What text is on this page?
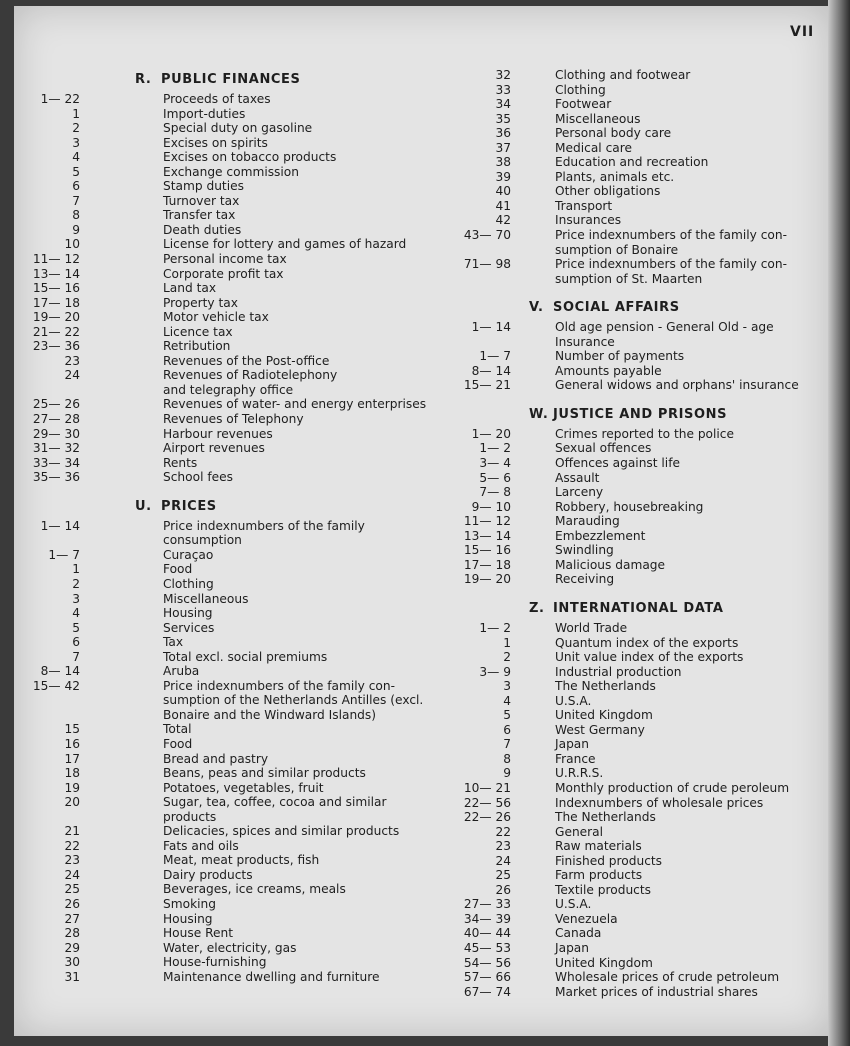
VII
R. PUBLIC FINANCES
1— 22	Proceeds of taxes
1	Import-duties
2	Special duty on gasoline
3	Excises on spirits
4	Excises on tobacco products
5	Exchange commission
6	Stamp duties
7	Turnover tax
8	Transfer tax
9	Death duties
10	License for lottery and games of hazard
11— 12	Personal income tax
13— 14	Corporate profit tax
15— 16	Land tax
17— 18	Property tax
19— 20	Motor vehicle tax
21— 22	Licence tax
23— 36	Retribution
23	Revenues of the Post-office
24	Revenues of Radiotelephony
and telegraphy office
25— 26	Revenues of water- and energy enterprises
27— 28	Revenues of Telephony
29— 30	Harbour revenues
31— 32	Airport revenues
33— 34	Rents
35— 36	School fees
U. PRICES
1— 14	Price indexnumbers of the family
consumption
1— 7	Curaçao
1	Food
2	Clothing
3	Miscellaneous
4	Housing
5	Services
6	Tax
7	Total excl. social premiums
8— 14	Aruba
15— 42	Price indexnumbers of the family con-
sumption of the Netherlands Antilles (excl.
Bonaire and the Windward Islands)
15	Total
16	Food
17	Bread and pastry
18	Beans, peas and similar products
19	Potatoes, vegetables, fruit
20	Sugar, tea, coffee, cocoa and similar
products
21	Delicacies, spices and similar products
22	Fats and oils
23	Meat, meat products, fish
24	Dairy products
25	Beverages, ice creams, meals
26	Smoking
27	Housing
28	House Rent
29	Water, electricity, gas
30	House-furnishing
31	Maintenance dwelling and furniture
32	Clothing and footwear
33	Clothing
34	Footwear
35	Miscellaneous
36	Personal body care
37	Medical care
38	Education and recreation
39	Plants, animals etc.
40	Other obligations
41	Transport
42	Insurances
43— 70	Price indexnumbers of the family con-
sumption of Bonaire
71— 98	Price indexnumbers of the family con-
sumption of St. Maarten
V. SOCIAL AFFAIRS
1— 14	Old age pension - General Old - age
Insurance
1— 7	Number of payments
8— 14	Amounts payable
15— 21	General widows and orphans' insurance
W. JUSTICE AND PRISONS
1— 20	Crimes reported to the police
1— 2	Sexual offences
3— 4	Offences against life
5— 6	Assault
7— 8	Larceny
9— 10	Robbery, housebreaking
11— 12	Marauding
13— 14	Embezzlement
15— 16	Swindling
17— 18	Malicious damage
19— 20	Receiving
Z. INTERNATIONAL DATA
1— 2	World Trade
1	Quantum index of the exports
2	Unit value index of the exports
3— 9	Industrial production
3	The Netherlands
4	U.S.A.
5	United Kingdom
6	West Germany
7	Japan
8	France
9	U.R.R.S.
10— 21	Monthly production of crude peroleum
22— 56	Indexnumbers of wholesale prices
22— 26	The Netherlands
22	General
23	Raw materials
24	Finished products
25	Farm products
26	Textile products
27— 33	U.S.A.
34— 39	Venezuela
40— 44	Canada
45— 53	Japan
54— 56	United Kingdom
57— 66	Wholesale prices of crude petroleum
67— 74	Market prices of industrial shares
